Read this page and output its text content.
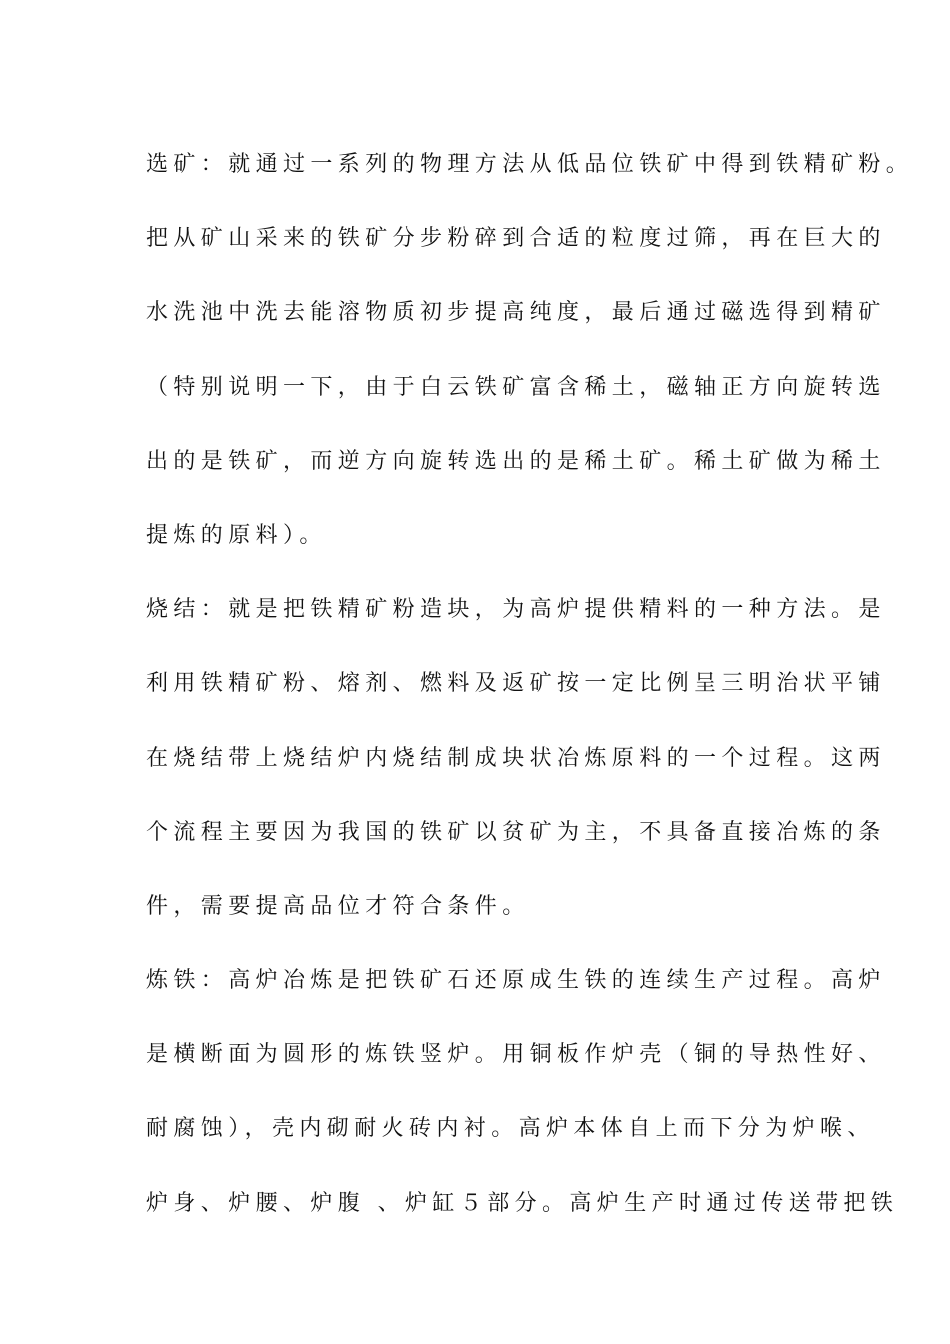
选矿：就通过一系列的物理方法从低品位铁矿中得到铁精矿粉。

把从矿山采来的铁矿分步粉碎到合适的粒度过筛，再在巨大的

水洗池中洗去能溶物质初步提高纯度，最后通过磁选得到精矿

（特别说明一下，由于白云铁矿富含稀土，磁轴正方向旋转选

出的是铁矿，而逆方向旋转选出的是稀土矿。稀土矿做为稀土

提炼的原料）。

烧结：就是把铁精矿粉造块，为高炉提供精料的一种方法。是

利用铁精矿粉、熔剂、燃料及返矿按一定比例呈三明治状平铺

在烧结带上烧结炉内烧结制成块状冶炼原料的一个过程。这两

个流程主要因为我国的铁矿以贫矿为主，不具备直接冶炼的条

件，需要提高品位才符合条件。

炼铁：高炉冶炼是把铁矿石还原成生铁的连续生产过程。高炉

是横断面为圆形的炼铁竖炉。用铜板作炉壳（铜的导热性好、

耐腐蚀），壳内砌耐火砖内衬。高炉本体自上而下分为炉喉、

炉身、炉腰、炉腹 、炉缸５部分。高炉生产时通过传送带把铁
